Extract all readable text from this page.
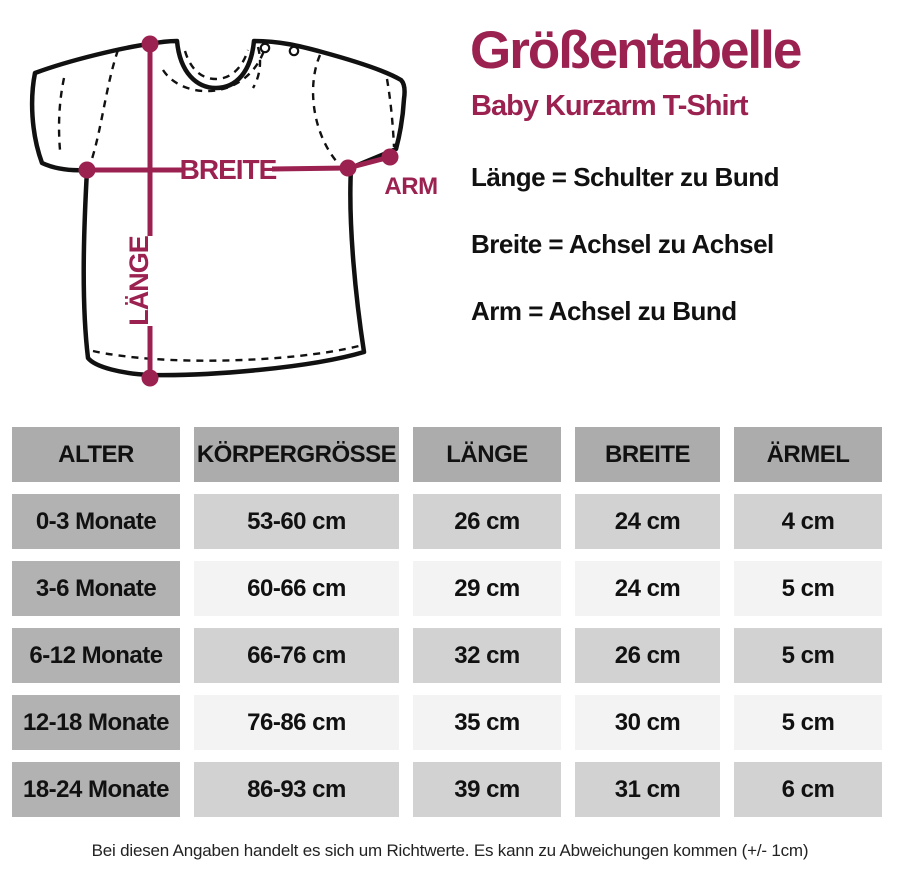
BREITE
LÄNGE
ARM
Größentabelle
Baby Kurzarm T-Shirt
Länge = Schulter zu Bund
Breite = Achsel zu Achsel
Arm = Achsel zu Bund
ALTER	KÖRPERGRÖSSE	LÄNGE	BREITE	ÄRMEL
0-3 Monate	53-60 cm	26 cm	24 cm	4 cm
3-6 Monate	60-66 cm	29 cm	24 cm	5 cm
6-12 Monate	66-76 cm	32 cm	26 cm	5 cm
12-18 Monate	76-86 cm	35 cm	30 cm	5 cm
18-24 Monate	86-93 cm	39 cm	31 cm	6 cm
Bei diesen Angaben handelt es sich um Richtwerte. Es kann zu Abweichungen kommen (+/- 1cm)
